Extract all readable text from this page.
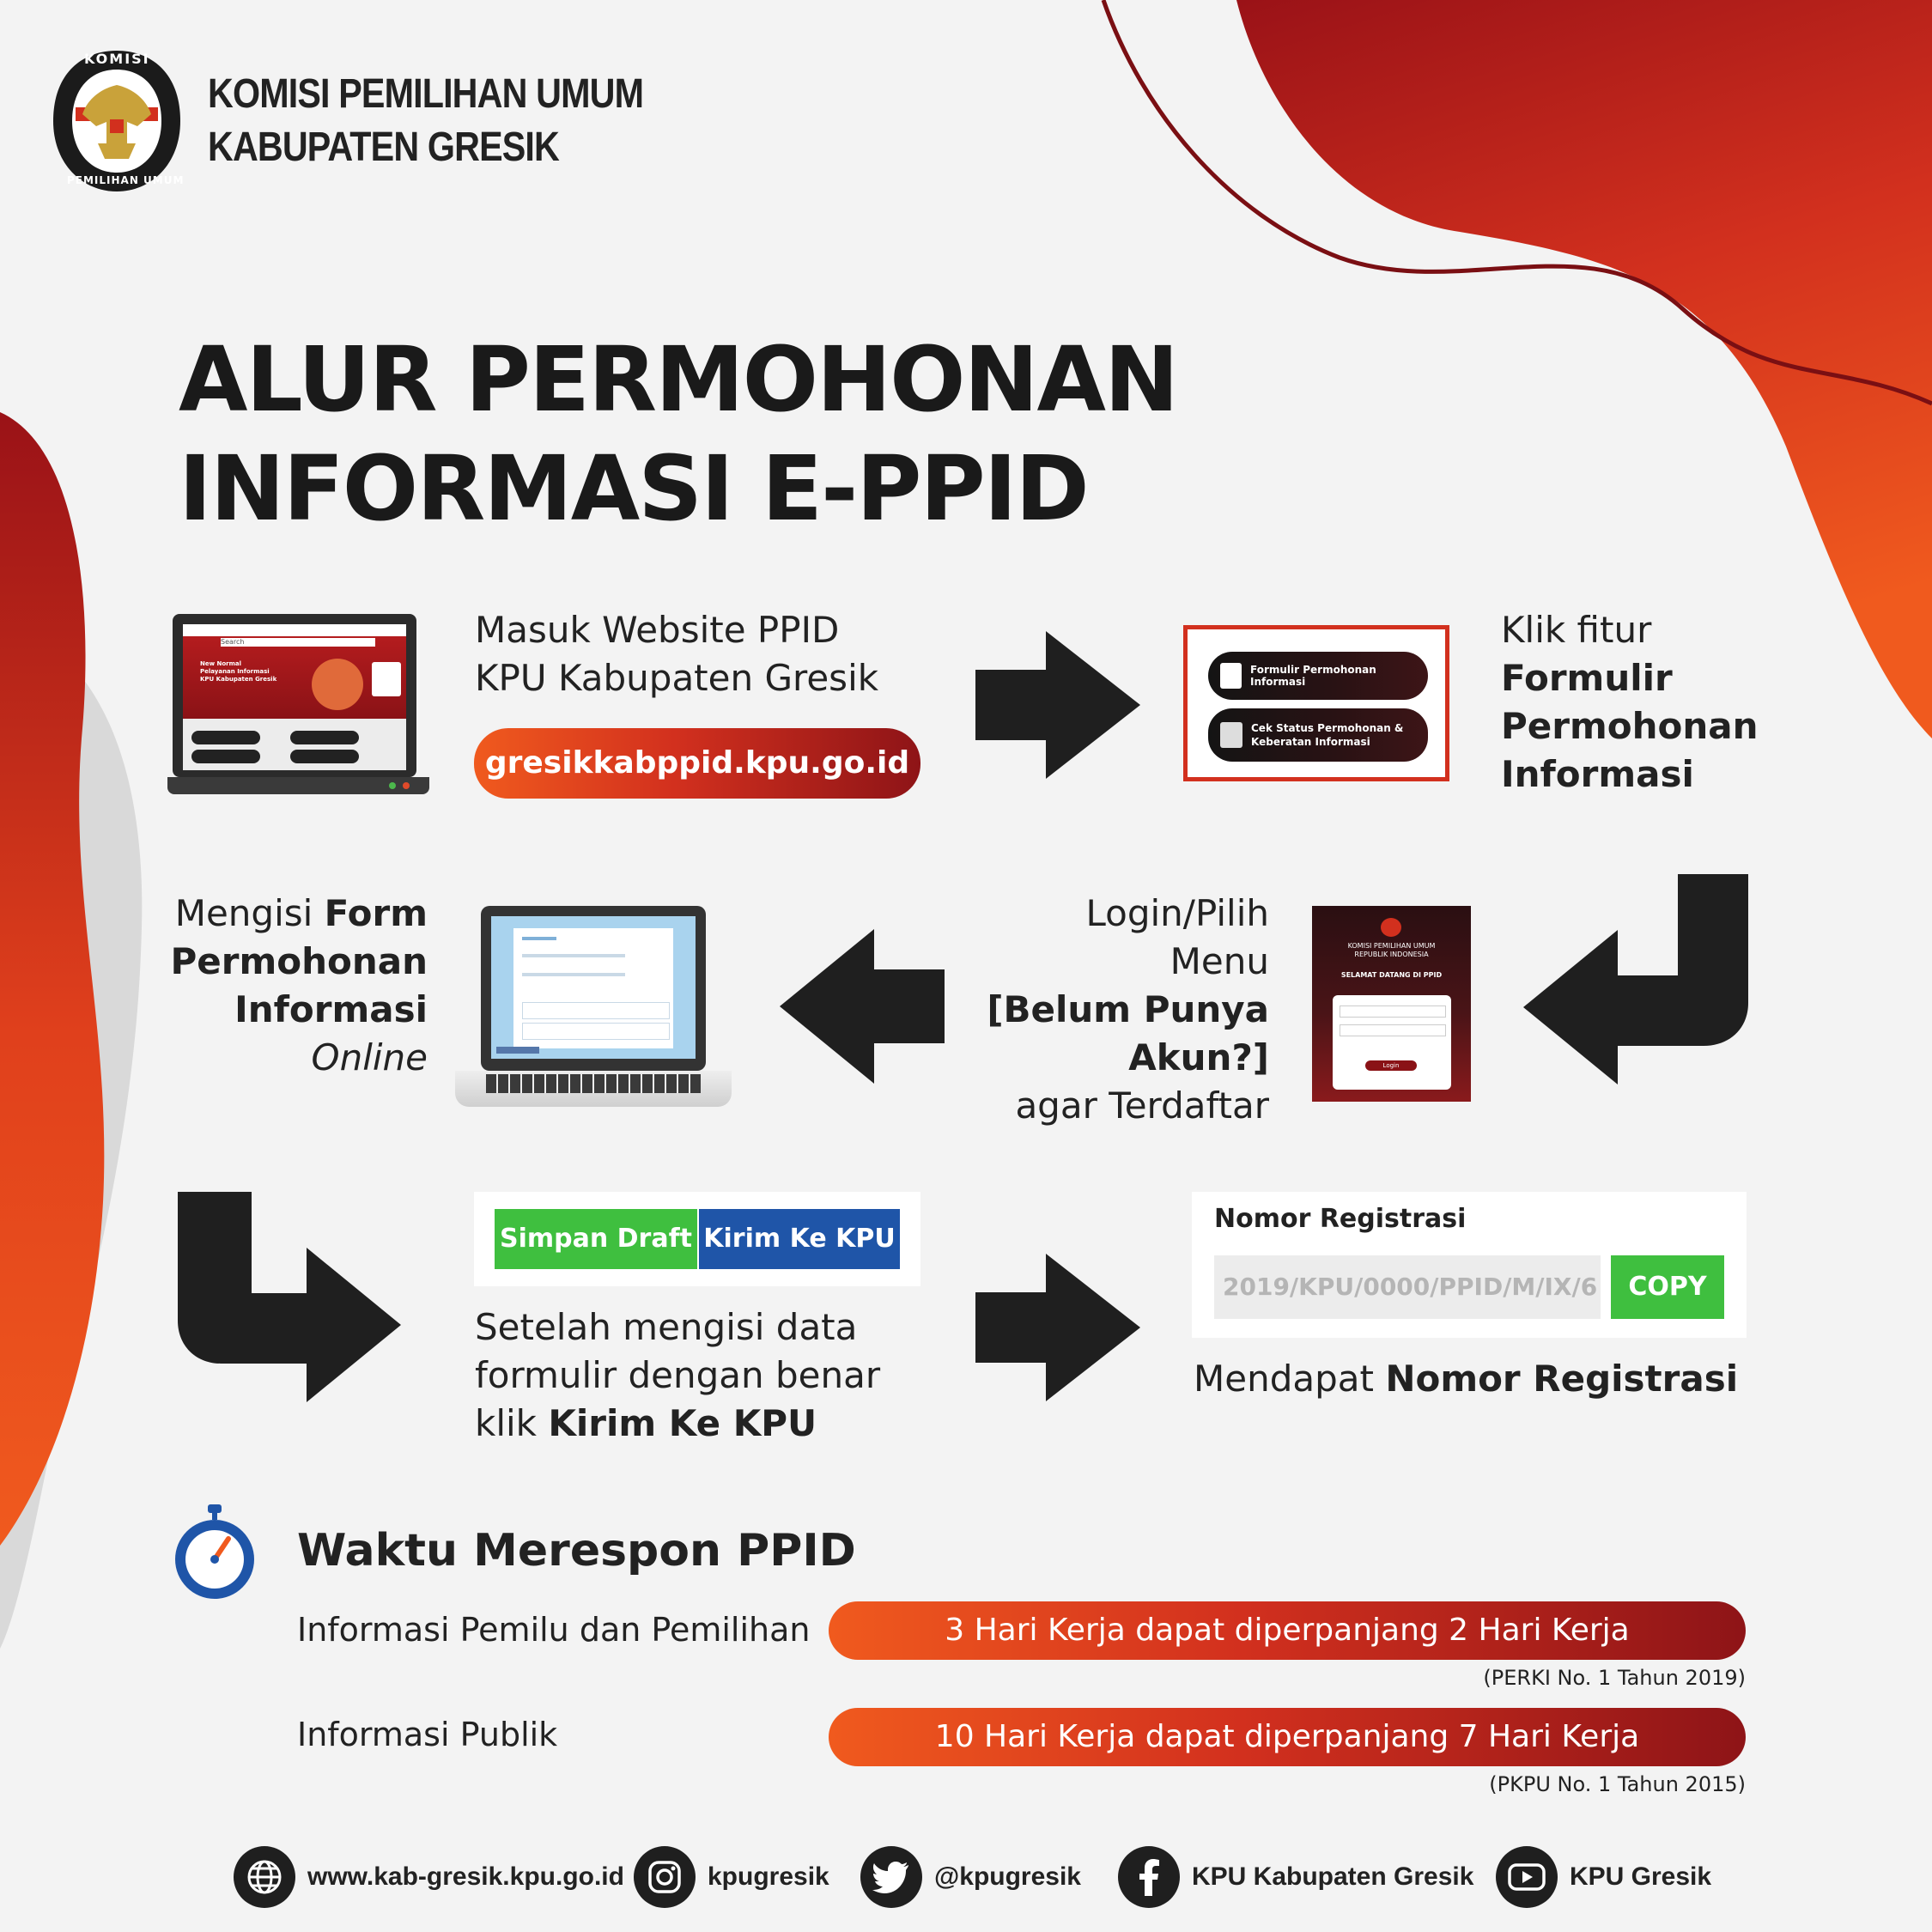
KOMISI
PEMILIHAN UMUM
KOMISI PEMILIHAN UMUM
KABUPATEN GRESIK
ALUR PERMOHONAN
INFORMASI E-PPID
Search
New Normal Pelayanan Informasi KPU Kabupaten Gresik
Masuk Website PPID
KPU Kabupaten Gresik
gresikkabppid.kpu.go.id
Formulir Permohonan Informasi
Cek Status Permohonan &
Keberatan Informasi
Klik fitur
Formulir
Permohonan
Informasi
Login/Pilih
Menu
[Belum Punya
Akun?]
agar Terdaftar
KOMISI PEMILIHAN UMUM
REPUBLIK INDONESIA
SELAMAT DATANG DI PPID
Login
Mengisi Form
Permohonan
Informasi
Online
Simpan Draft Kirim Ke KPU
Setelah mengisi data
formulir dengan benar
klik Kirim Ke KPU
Nomor Registrasi
2019/KPU/0000/PPID/M/IX/6	COPY
Mendapat Nomor Registrasi
Waktu Merespon PPID
Informasi Pemilu dan Pemilihan	3 Hari Kerja dapat diperpanjang 2 Hari Kerja
(PERKI No. 1 Tahun 2019)
Informasi Publik	10 Hari Kerja dapat diperpanjang 7 Hari Kerja
(PKPU No. 1 Tahun 2015)
www.kab-gresik.kpu.go.id	kpugresik	@kpugresik	KPU Kabupaten Gresik	KPU Gresik
